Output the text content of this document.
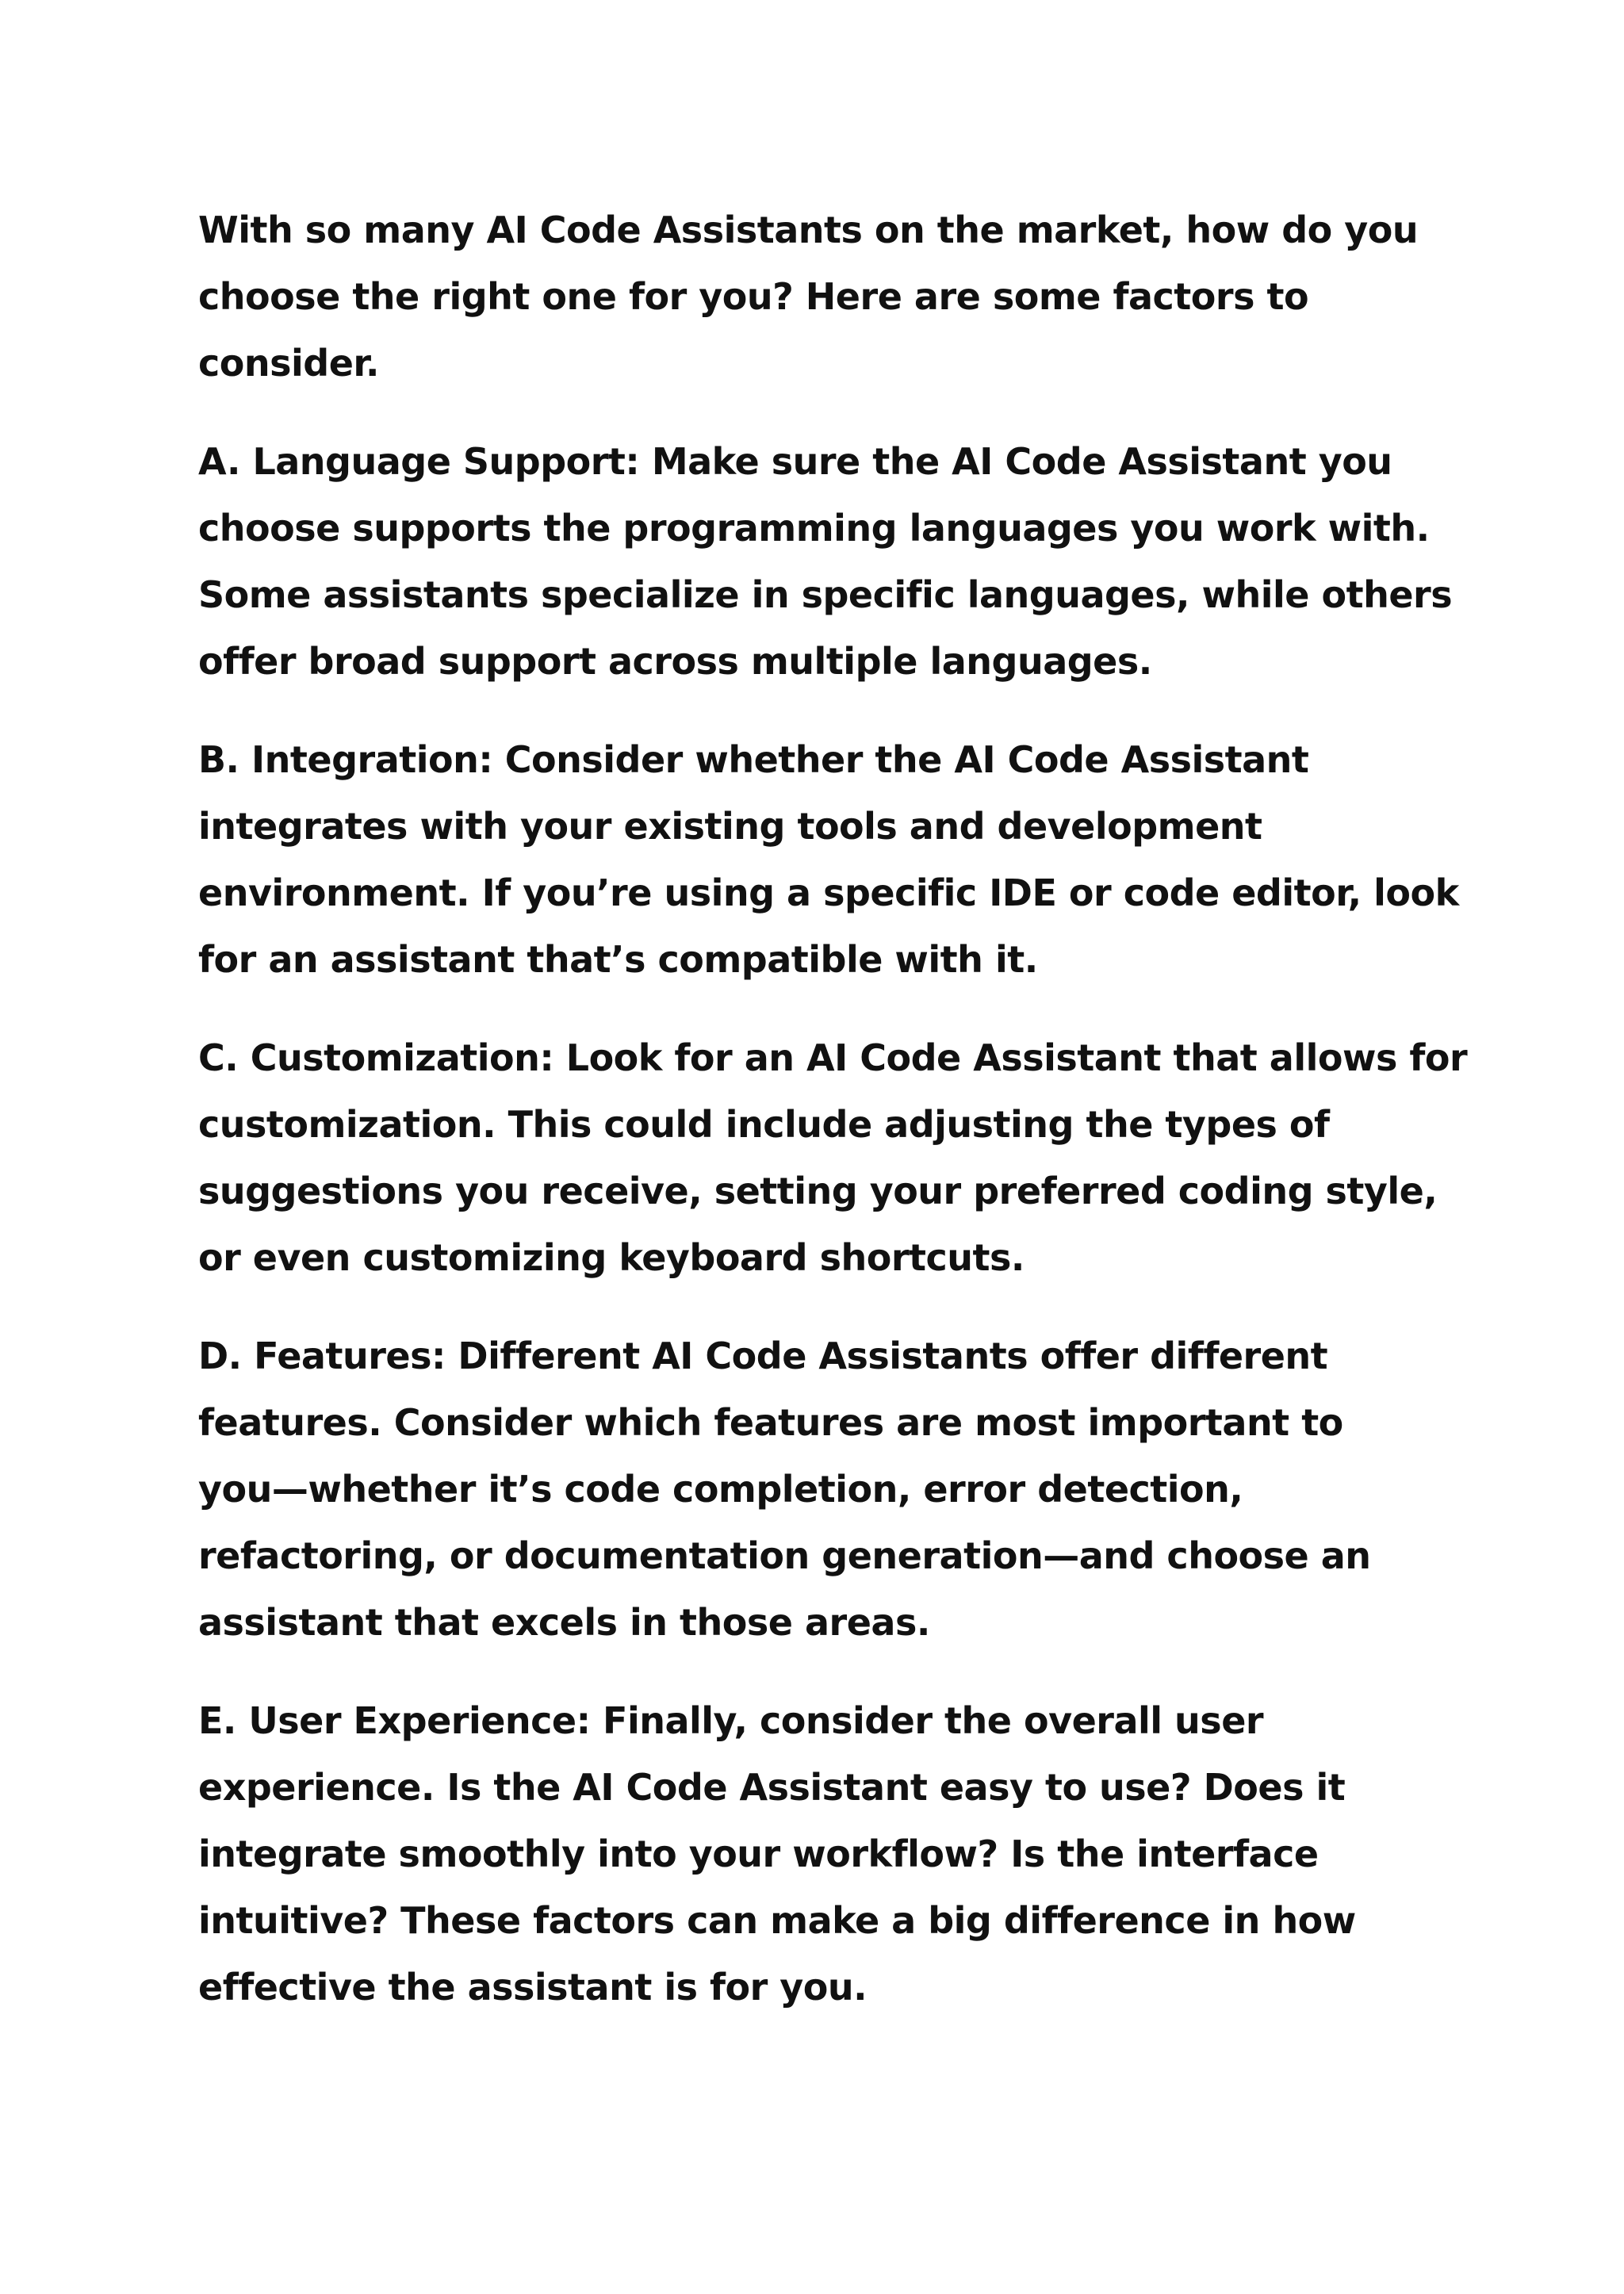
With so many AI Code Assistants on the market, how do you
choose the right one for you? Here are some factors to
consider.

A. Language Support: Make sure the AI Code Assistant you
choose supports the programming languages you work with.
Some assistants specialize in specific languages, while others
offer broad support across multiple languages.

B. Integration: Consider whether the AI Code Assistant
integrates with your existing tools and development
environment. If you’re using a specific IDE or code editor, look
for an assistant that’s compatible with it.

C. Customization: Look for an AI Code Assistant that allows for
customization. This could include adjusting the types of
suggestions you receive, setting your preferred coding style,
or even customizing keyboard shortcuts.

D. Features: Different AI Code Assistants offer different
features. Consider which features are most important to
you—whether it’s code completion, error detection,
refactoring, or documentation generation—and choose an
assistant that excels in those areas.

E. User Experience: Finally, consider the overall user
experience. Is the AI Code Assistant easy to use? Does it
integrate smoothly into your workflow? Is the interface
intuitive? These factors can make a big difference in how
effective the assistant is for you.
